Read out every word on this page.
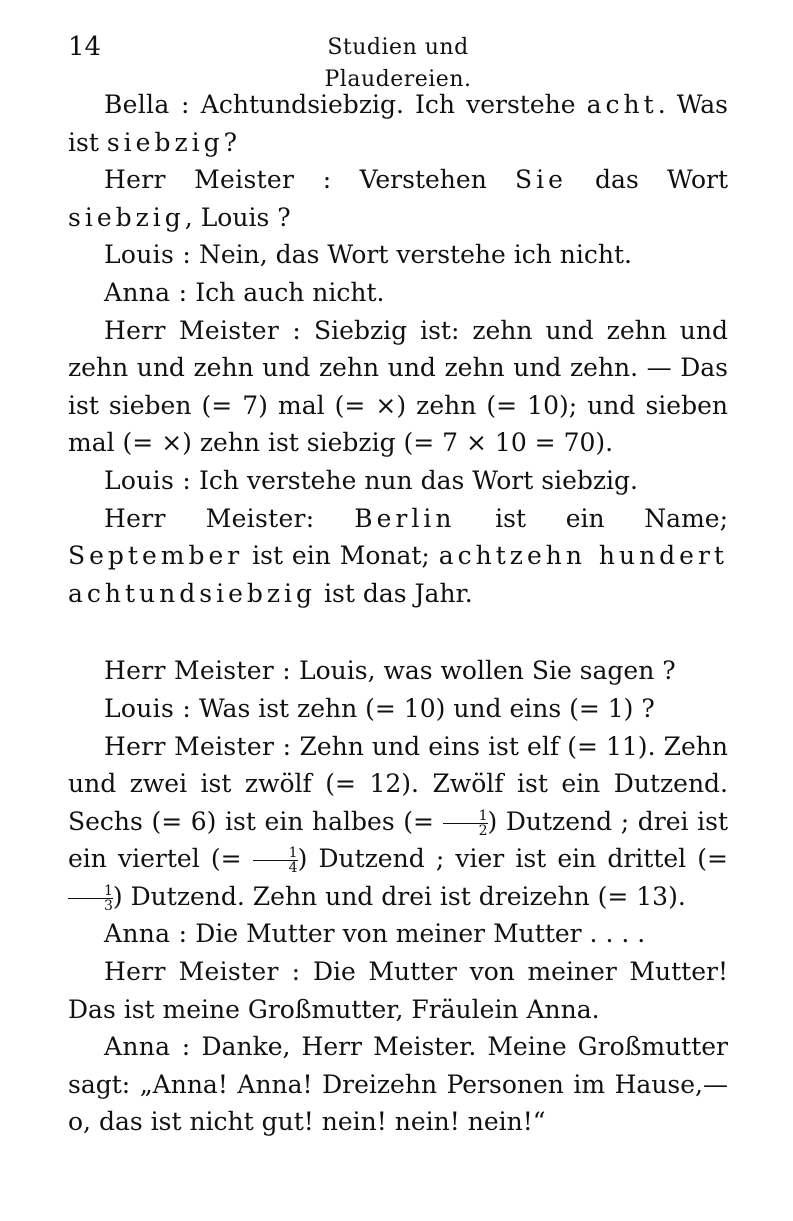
14	Studien und Plaudereien.

Bella : Achtundsiebzig. Ich verstehe acht. Was ist siebzig?

Herr Meister : Verstehen Sie das Wort siebzig, Louis ?

Louis : Nein, das Wort verstehe ich nicht.

Anna : Ich auch nicht.

Herr Meister : Siebzig ist: zehn und zehn und zehn und zehn und zehn und zehn und zehn. — Das ist sieben (= 7) mal (= ×) zehn (= 10); und sieben mal (= ×) zehn ist siebzig (= 7 × 10 = 70).

Louis : Ich verstehe nun das Wort siebzig.

Herr Meister: Berlin ist ein Name; September ist ein Monat; achtzehn hundert achtundsiebzig ist das Jahr.

Herr Meister : Louis, was wollen Sie sagen ?

Louis : Was ist zehn (= 10) und eins (= 1) ?

Herr Meister : Zehn und eins ist elf (= 11). Zehn und zwei ist zwölf (= 12). Zwölf ist ein Dutzend. Sechs (= 6) ist ein halbes (= $\frac{1}{2}$ ) Dutzend ; drei ist ein viertel (= $\frac{1}{4}$ ) Dutzend ; vier ist ein drittel (=
$\frac{1}{3}$ ) Dutzend. Zehn und drei ist dreizehn (= 13).

Anna : Die Mutter von meiner Mutter . . . .

Herr Meister : Die Mutter von meiner Mutter! Das ist meine Großmutter, Fräulein Anna.

Anna : Danke, Herr Meister. Meine Großmutter sagt: „Anna! Anna! Dreizehn Personen im Hause,—o, das ist nicht gut! nein! nein! nein!“
